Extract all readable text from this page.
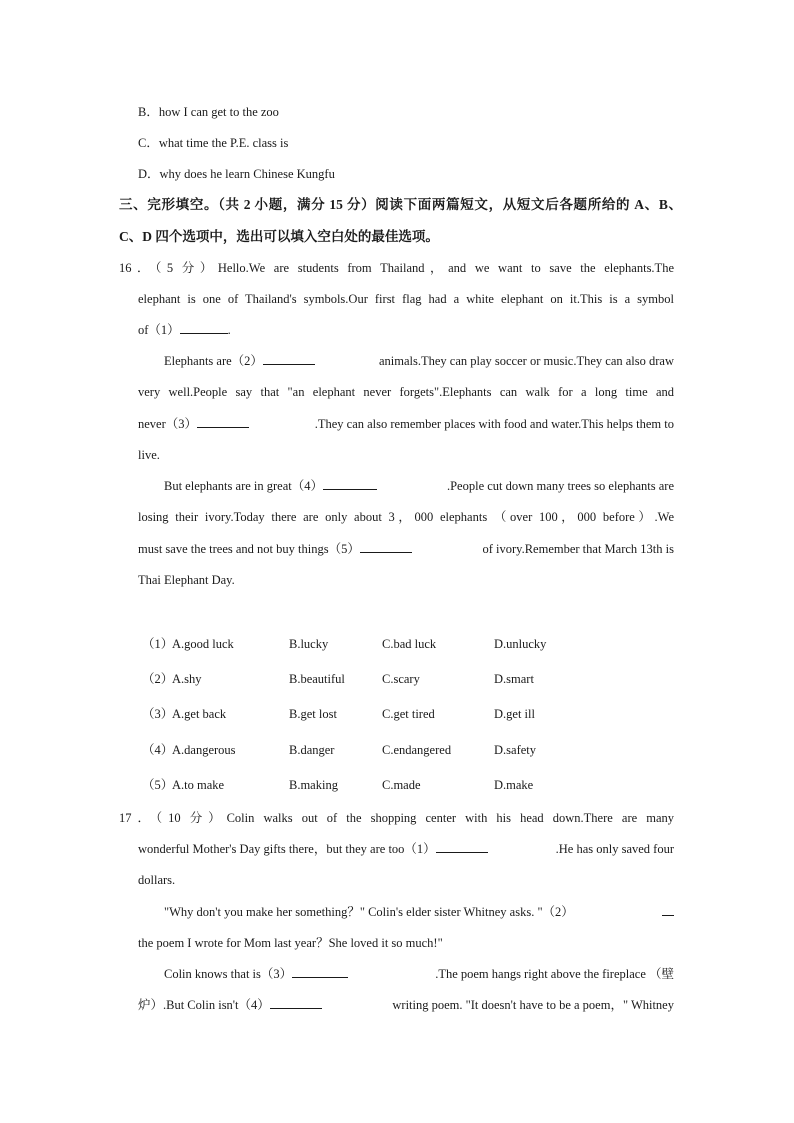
B．how I can get to the zoo
C．what time the P.E. class is
D．why does he learn Chinese Kungfu
三、完形填空。（共 2 小题，满分 15 分）阅读下面两篇短文，从短文后各题所给的 A、B、
C、D 四个选项中，选出可以填入空白处的最佳选项。
16．（5 分）Hello.We are students from Thailand，and we want to save the elephants.The
elephant is one of Thailand's symbols.Our first flag had a white elephant on it.This is a symbol
of（1）	.
Elephants are（2）	animals.They can play soccer or music.They can also draw
very well.People say that "an elephant never forgets".Elephants can walk for a long time and
never（3）	.They can also remember places with food and water.This helps them to
live.
But elephants are in great（4）	.People cut down many trees so elephants are
losing their ivory.Today there are only about 3，000 elephants （over 100，000 before）.We
must save the trees and not buy things（5）	of ivory.Remember that March 13th is
Thai Elephant Day.
（1）
A.good luck	B.lucky	C.bad luck	D.unlucky
（2）
A.shy	B.beautiful	C.scary	D.smart
（3）
A.get back	B.get lost	C.get tired	D.get ill
（4）
A.dangerous	B.danger	C.endangered	D.safety
（5）
A.to make	B.making	C.made	D.make
17．（10 分）Colin walks out of the shopping center with his head down.There are many
wonderful Mother's Day gifts there，but they are too（1）	.He has only saved four
dollars.
"Why don't you make her something？" Colin's elder sister Whitney asks. "（2）
the poem I wrote for Mom last year？She loved it so much!"
Colin knows that is（3）	.The poem hangs right above the fireplace （壁
炉）.But Colin isn't（4）	writing poem. "It doesn't have to be a poem，" Whitney
